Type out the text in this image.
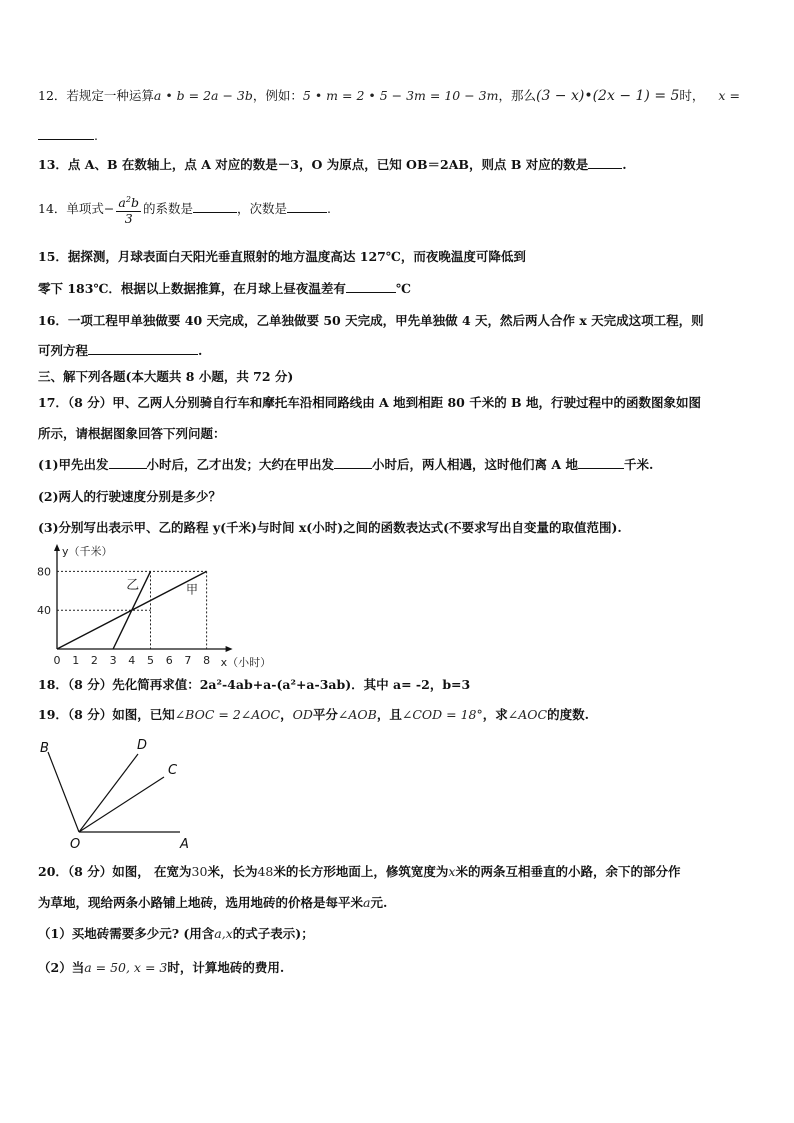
12．若规定一种运算a • b = 2a − 3b，例如：5 • m = 2 • 5 − 3m = 10 − 3m，那么(3 − x)•(2x − 1) = 5时， x =
.
13．点 A、B 在数轴上，点 A 对应的数是－3，O 为原点，已知 OB＝2AB，则点 B 对应的数是	.
14．单项式− $\frac{a^2b}{3}$ 的系数是	，次数是	.
15．据探测，月球表面白天阳光垂直照射的地方温度高达 127℃，而夜晚温度可降低到
零下 183℃．根据以上数据推算，在月球上昼夜温差有	℃
16．一项工程甲单独做要 40 天完成，乙单独做要 50 天完成，甲先单独做 4 天，然后两人合作 x 天完成这项工程，则
可列方程	.
三、解下列各题(本大题共 8 小题，共 72 分)
17．（8 分）甲、乙两人分别骑自行车和摩托车沿相同路线由 A 地到相距 80 千米的 B 地，行驶过程中的函数图象如图
所示，请根据图象回答下列问题：
(1)甲先出发	小时后，乙才出发；大约在甲出发	小时后，两人相遇，这时他们离 A 地	千米.
(2)两人的行驶速度分别是多少？
(3)分别写出表示甲、乙的路程 y(千米)与时间 x(小时)之间的函数表达式(不要求写出自变量的取值范围).
y（千米）
甲
乙
0 1 2 3 4 5 6 7 8
40
80
x（小时）
18．（8 分）先化简再求值：2a²-4ab+a-(a²+a-3ab)．其中 a= -2，b=3
19．（8 分）如图，已知∠BOC = 2∠AOC，OD平分∠AOB，且∠COD = 18°，求∠AOC的度数.
B	D
C
O	A
20．（8 分）如图， 在宽为30米，长为48米的长方形地面上，修筑宽度为x米的两条互相垂直的小路，余下的部分作
为草地，现给两条小路铺上地砖，选用地砖的价格是每平米a元.
（1）买地砖需要多少元? (用含a,x的式子表示)；
（2）当a = 50, x = 3时，计算地砖的费用.
